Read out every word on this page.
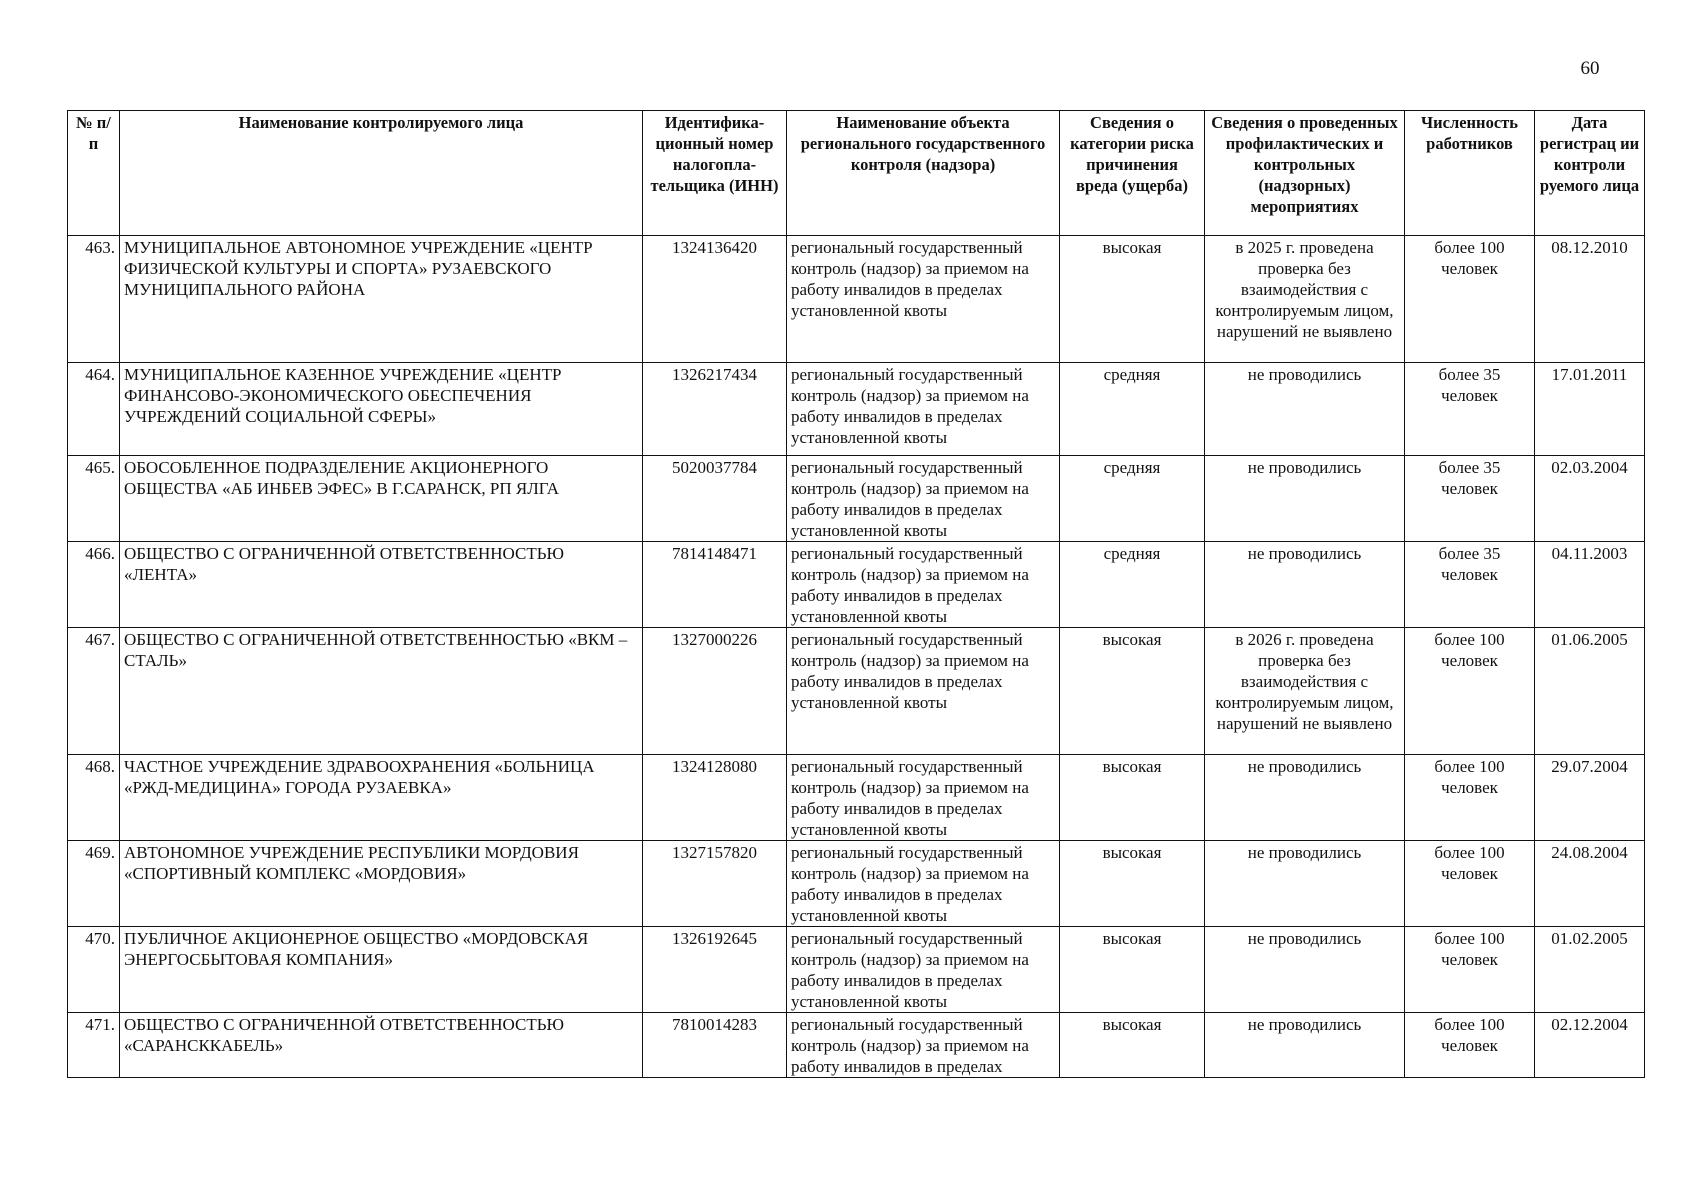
60
№ п/п	Наименование контролируемого лица	Идентифика-ционный номер налогопла-тельщика (ИНН)	Наименование объекта регионального государственного контроля (надзора)	Сведения о категории риска причинения вреда (ущерба)	Сведения о проведенных профилактических и контрольных (надзорных) мероприятиях	Численность работников	Дата регистрац ии контроли руемого лица
463.	МУНИЦИПАЛЬНОЕ АВТОНОМНОЕ УЧРЕЖДЕНИЕ «ЦЕНТР ФИЗИЧЕСКОЙ КУЛЬТУРЫ И СПОРТА» РУЗАЕВСКОГО МУНИЦИПАЛЬНОГО РАЙОНА	1324136420	региональный государственный контроль (надзор) за приемом на работу инвалидов в пределах установленной квоты	высокая	в 2025 г. проведена проверка без взаимодействия с контролируемым лицом, нарушений не выявлено	более 100 человек	08.12.2010
464.	МУНИЦИПАЛЬНОЕ КАЗЕННОЕ УЧРЕЖДЕНИЕ «ЦЕНТР ФИНАНСОВО-ЭКОНОМИЧЕСКОГО ОБЕСПЕЧЕНИЯ УЧРЕЖДЕНИЙ СОЦИАЛЬНОЙ СФЕРЫ»	1326217434	региональный государственный контроль (надзор) за приемом на работу инвалидов в пределах установленной квоты	средняя	не проводились	более 35 человек	17.01.2011
465.	ОБОСОБЛЕННОЕ ПОДРАЗДЕЛЕНИЕ АКЦИОНЕРНОГО ОБЩЕСТВА «АБ ИНБЕВ ЭФЕС» В Г.САРАНСК, РП ЯЛГА	5020037784	региональный государственный контроль (надзор) за приемом на работу инвалидов в пределах установленной квоты	средняя	не проводились	более 35 человек	02.03.2004
466.	ОБЩЕСТВО С ОГРАНИЧЕННОЙ ОТВЕТСТВЕННОСТЬЮ «ЛЕНТА»	7814148471	региональный государственный контроль (надзор) за приемом на работу инвалидов в пределах установленной квоты	средняя	не проводились	более 35 человек	04.11.2003
467.	ОБЩЕСТВО С ОГРАНИЧЕННОЙ ОТВЕТСТВЕННОСТЬЮ «ВКМ – СТАЛЬ»	1327000226	региональный государственный контроль (надзор) за приемом на работу инвалидов в пределах установленной квоты	высокая	в 2026 г. проведена проверка без взаимодействия с контролируемым лицом, нарушений не выявлено	более 100 человек	01.06.2005
468.	ЧАСТНОЕ УЧРЕЖДЕНИЕ ЗДРАВООХРАНЕНИЯ «БОЛЬНИЦА «РЖД-МЕДИЦИНА» ГОРОДА РУЗАЕВКА»	1324128080	региональный государственный контроль (надзор) за приемом на работу инвалидов в пределах установленной квоты	высокая	не проводились	более 100 человек	29.07.2004
469.	АВТОНОМНОЕ УЧРЕЖДЕНИЕ РЕСПУБЛИКИ МОРДОВИЯ «СПОРТИВНЫЙ КОМПЛЕКС «МОРДОВИЯ»	1327157820	региональный государственный контроль (надзор) за приемом на работу инвалидов в пределах установленной квоты	высокая	не проводились	более 100 человек	24.08.2004
470.	ПУБЛИЧНОЕ АКЦИОНЕРНОЕ ОБЩЕСТВО «МОРДОВСКАЯ ЭНЕРГОСБЫТОВАЯ КОМПАНИЯ»	1326192645	региональный государственный контроль (надзор) за приемом на работу инвалидов в пределах установленной квоты	высокая	не проводились	более 100 человек	01.02.2005
471.	ОБЩЕСТВО С ОГРАНИЧЕННОЙ ОТВЕТСТВЕННОСТЬЮ «САРАНСККАБЕЛЬ»	7810014283	региональный государственный контроль (надзор) за приемом на работу инвалидов в пределах	высокая	не проводились	более 100 человек	02.12.2004
